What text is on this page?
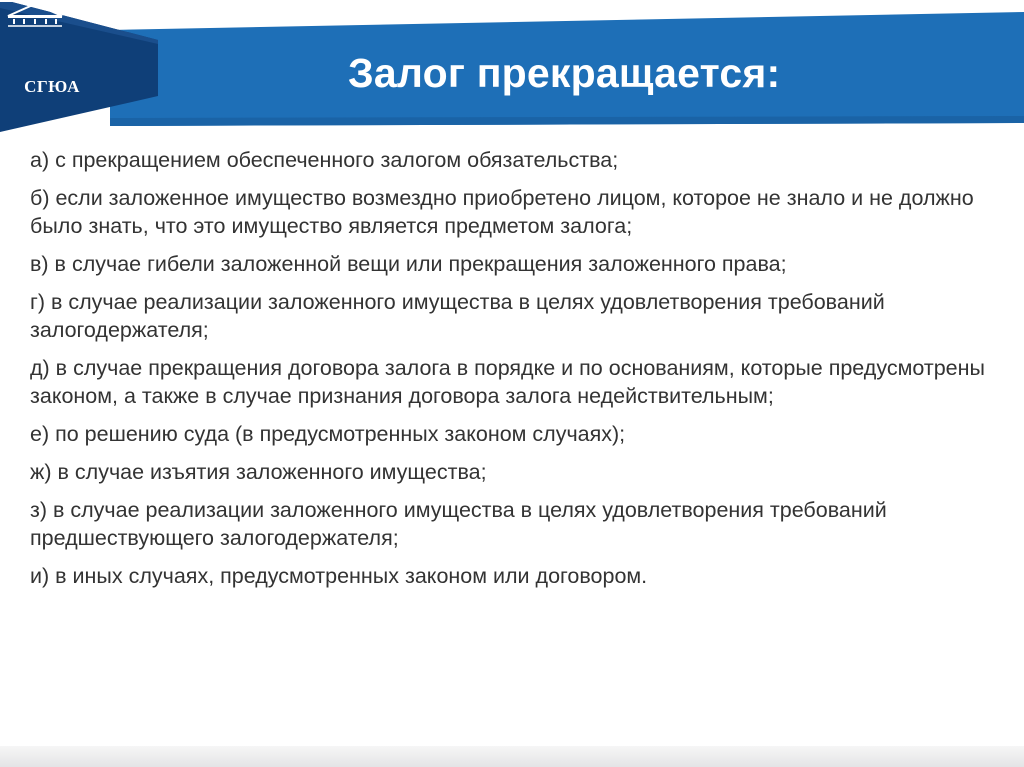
СГЮА	Залог прекращается:

а) с прекращением обеспеченного залогом обязательства;

б) если заложенное имущество возмездно приобретено лицом, которое не знало и не должно было знать, что это имущество является предметом залога;

в) в случае гибели заложенной вещи или прекращения заложенного права;

г) в случае реализации заложенного имущества в целях удовлетворения требований залогодержателя;

д) в случае прекращения договора залога в порядке и по основаниям, которые предусмотрены законом, а также в случае признания договора залога недействительным;

е) по решению суда (в предусмотренных законом случаях);

ж) в случае изъятия заложенного имущества;

з) в случае реализации заложенного имущества в целях удовлетворения требований предшествующего залогодержателя;

и) в иных случаях, предусмотренных законом или договором.
